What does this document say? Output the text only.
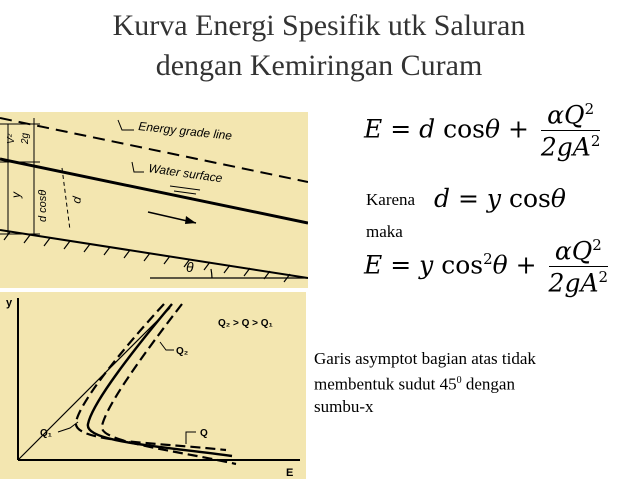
Kurva Energi Spesifik utk Saluran
dengan Kemiringan Curam
θ
V² 2g
y d cosθ d
Energy grade line
Water surface
y
E
Q₂ > Q > Q₁
Q₂
Q
Q₁
E = d $\cos\theta + \frac{\alpha Q^2}{2gA^2}$
Karena d = y cosθ
maka
E = y $\cos^2\theta + \frac{\alpha Q^2}{2gA^2}$
Garis asymptot bagian atas tidak
membentuk sudut $45^0$ dengan
sumbu-x
